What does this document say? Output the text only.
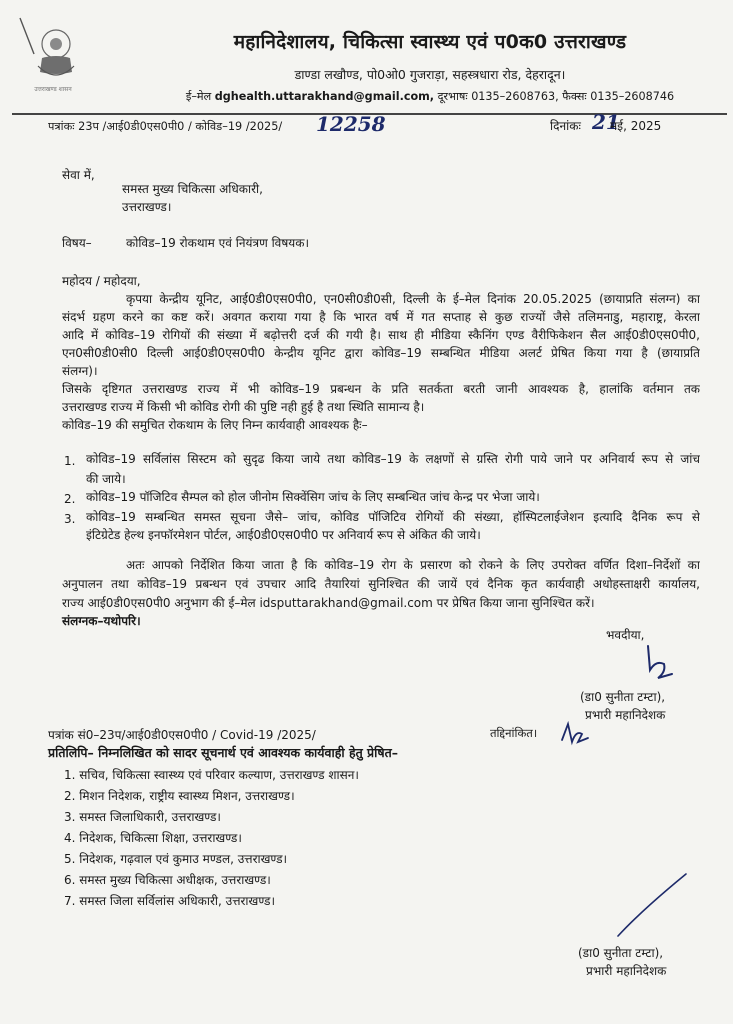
उत्तराखण्ड शासन
महानिदेशालय, चिकित्सा स्वास्थ्य एवं प0क0 उत्तराखण्ड
डाण्डा लखौण्ड, पो0ओ0 गुजराड़ा, सहस्त्रधारा रोड, देहरादून।
ई–मेल dghealth.uttarakhand@gmail.com, दूरभाषः 0135–2608763, फैक्सः 0135–2608746
पत्रांकः 23प /आई0डी0एस0पी0 / कोविड–19 /2025/ 12258	दिनांकः 21
मई, 2025
सेवा में,
समस्त मुख्य चिकित्सा अधिकारी,
उत्तराखण्ड।
विषय–	कोविड–19 रोकथाम एवं नियंत्रण विषयक।
महोदय / महोदया,
कृपया केन्द्रीय यूनिट, आई0डी0एस0पी0, एन0सी0डी0सी, दिल्ली के ई–मेल दिनांक 20.05.2025 (छायाप्रति संलग्न) का
संदर्भ ग्रहण करने का कष्ट करें। अवगत कराया गया है कि भारत वर्ष में गत सप्ताह से कुछ राज्यों जैसे तलिमनाडु, महाराष्ट्र, केरला
आदि में कोविड–19 रोगियों की संख्या में बढ़ोत्तरी दर्ज की गयी है। साथ ही मीडिया स्कैनिंग एण्ड वैरीफिकेशन सैल आई0डी0एस0पी0,
एन0सी0डी0सी0 दिल्ली आई0डी0एस0पी0 केन्द्रीय यूनिट द्वारा कोविड–19 सम्बन्धित मीडिया अलर्ट प्रेषित किया गया है (छायाप्रति
संलग्न)।
जिसके दृष्टिगत उत्तराखण्ड राज्य में भी कोविड–19 प्रबन्धन के प्रति सतर्कता बरती जानी आवश्यक है, हालांकि वर्तमान तक
उत्तराखण्ड राज्य में किसी भी कोविड रोगी की पुष्टि नही हुई है तथा स्थिति सामान्य है।
कोविड–19 की समुचित रोकथाम के लिए निम्न कार्यवाही आवश्यक हैः–
1. कोविड–19 सर्विलांस सिस्टम को सुदृढ किया जाये तथा कोविड–19 के लक्षणों से ग्रस्ति रोगी पाये जाने पर अनिवार्य रूप से जांच
की जाये।
2. कोविड–19 पॉजिटिव सैम्पल को होल जीनोम सिक्वेंसिग जांच के लिए सम्बन्धित जांच केन्द्र पर भेजा जाये।
3. कोविड–19 सम्बन्धित समस्त सूचना जैसे– जांच, कोविड पॉजिटिव रोगियों की संख्या, हॉस्पिटलाईजेशन इत्यादि दैनिक रूप से
इंटिग्रेटेड हेल्थ इनफॉरमेशन पोर्टल, आई0डी0एस0पी0 पर अनिवार्य रूप से अंकित की जाये।
अतः आपको निर्देशित किया जाता है कि कोविड–19 रोग के प्रसारण को रोकने के लिए उपरोक्त वर्णित दिशा–निर्देशों का
अनुपालन तथा कोविड–19 प्रबन्धन एवं उपचार आदि तैयारियां सुनिश्चित की जायें एवं दैनिक कृत कार्यवाही अधोहस्ताक्षरी कार्यालय,
राज्य आई0डी0एस0पी0 अनुभाग की ई–मेल idsputtarakhand@gmail.com पर प्रेषित किया जाना सुनिश्चित करें।
संलग्नक–यथोपरि।
भवदीया,
(डा0 सुनीता टम्टा),
प्रभारी महानिदेशक
पत्रांक सं0–23प/आई0डी0एस0पी0 / Covid-19 /2025/	तद्दिनांकित।
प्रतिलिपि– निम्नलिखित को सादर सूचनार्थ एवं आवश्यक कार्यवाही हेतु प्रेषित–
1. सचिव, चिकित्सा स्वास्थ्य एवं परिवार कल्याण, उत्तराखण्ड शासन।
2. मिशन निदेशक, राष्ट्रीय स्वास्थ्य मिशन, उत्तराखण्ड।
3. समस्त जिलाधिकारी, उत्तराखण्ड।
4. निदेशक, चिकित्सा शिक्षा, उत्तराखण्ड।
5. निदेशक, गढ़वाल एवं कुमाउ मण्डल, उत्तराखण्ड।
6. समस्त मुख्य चिकित्सा अधीक्षक, उत्तराखण्ड।
7. समस्त जिला सर्विलांस अधिकारी, उत्तराखण्ड।
(डा0 सुनीता टम्टा),
प्रभारी महानिदेशक
